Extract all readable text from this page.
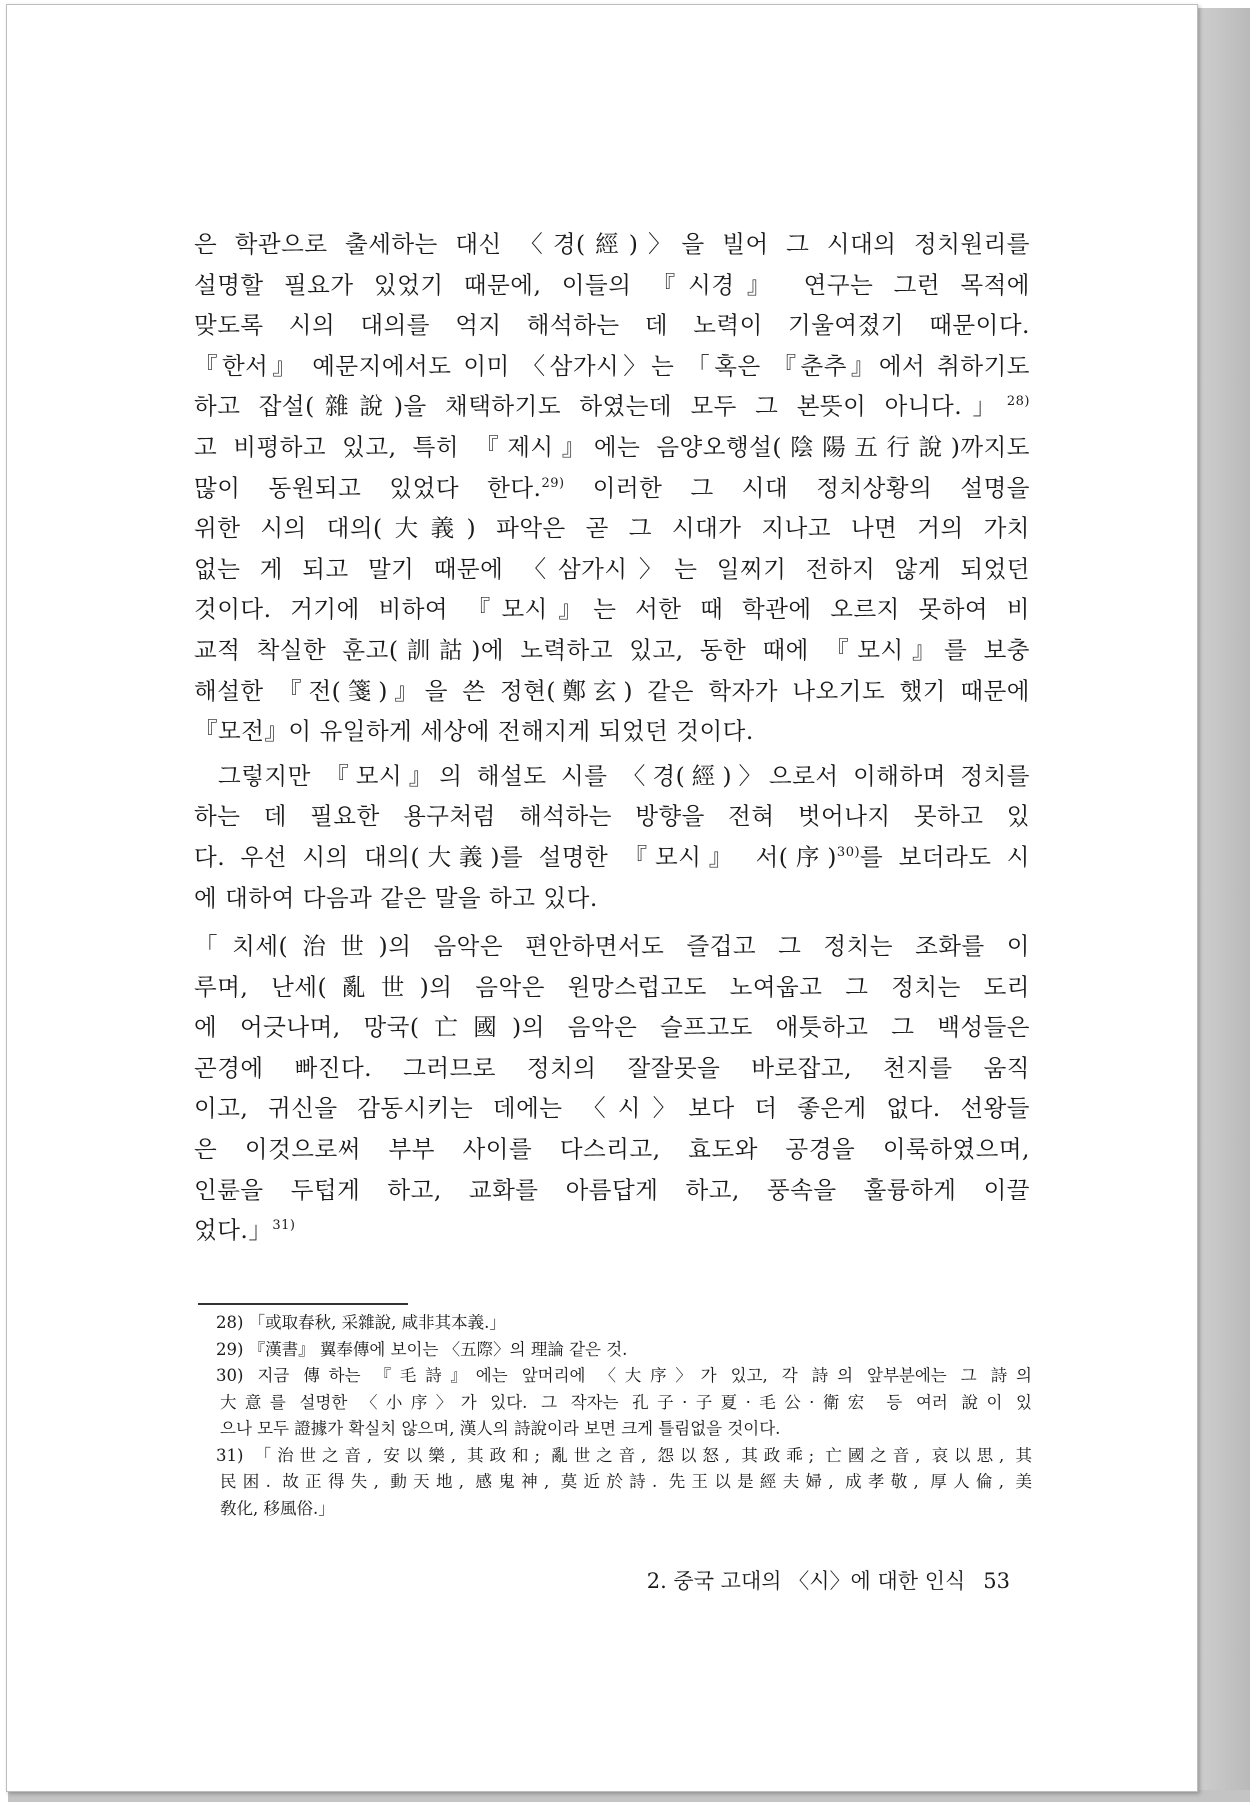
은 학관으로 출세하는 대신 〈경(經)〉을 빌어 그 시대의 정치원리를
설명할 필요가 있었기 때문에, 이들의 『시경』 연구는 그런 목적에
맞도록 시의 대의를 억지 해석하는 데 노력이 기울여졌기 때문이다.
『한서』 예문지에서도 이미 〈삼가시〉는 「혹은 『춘추』에서 취하기도
하고 잡설(雜說)을 채택하기도 하였는데 모두 그 본뜻이 아니다.」$^{28)}$
고 비평하고 있고, 특히 『제시』에는 음양오행설(陰陽五行說)까지도
많이 동원되고 있었다 한다.$^{29)}$ 이러한 그 시대 정치상황의 설명을
위한 시의 대의(大義) 파악은 곧 그 시대가 지나고 나면 거의 가치
없는 게 되고 말기 때문에 〈삼가시〉는 일찌기 전하지 않게 되었던
것이다. 거기에 비하여 『모시』는 서한 때 학관에 오르지 못하여 비
교적 착실한 훈고(訓詁)에 노력하고 있고, 동한 때에 『모시』를 보충
해설한 『전(箋)』을 쓴 정현(鄭玄) 같은 학자가 나오기도 했기 때문에
『모전』이 유일하게 세상에 전해지게 되었던 것이다.
그렇지만 『모시』의 해설도 시를 〈경(經)〉으로서 이해하며 정치를
하는 데 필요한 용구처럼 해석하는 방향을 전혀 벗어나지 못하고 있
다. 우선 시의 대의(大義)를 설명한 『모시』 서(序)$^{30)}$를 보더라도 시
에 대하여 다음과 같은 말을 하고 있다.
「치세(治世)의 음악은 편안하면서도 즐겁고 그 정치는 조화를 이
루며, 난세(亂世)의 음악은 원망스럽고도 노여웁고 그 정치는 도리
에 어긋나며, 망국(亡國)의 음악은 슬프고도 애틋하고 그 백성들은
곤경에 빠진다. 그러므로 정치의 잘잘못을 바로잡고, 천지를 움직
이고, 귀신을 감동시키는 데에는 〈시〉보다 더 좋은게 없다. 선왕들
은 이것으로써 부부 사이를 다스리고, 효도와 공경을 이룩하였으며,
인륜을 두텁게 하고, 교화를 아름답게 하고, 풍속을 훌륭하게 이끌
었다.」$^{31)}$
28) 「或取春秋, 采雜說, 咸非其本義.」
29) 『漢書』 翼奉傳에 보이는 〈五際〉의 理論 같은 것.
30) 지금 傳하는 『毛詩』에는 앞머리에 〈大序〉가 있고, 각 詩의 앞부분에는 그 詩의
大意를 설명한 〈小序〉가 있다. 그 작자는 孔子·子夏·毛公·衛宏 등 여러 說이 있
으나 모두 證據가 확실치 않으며, 漢人의 詩說이라 보면 크게 틀림없을 것이다.
31) 「治世之音, 安以樂, 其政和; 亂世之音, 怨以怒, 其政乖; 亡國之音, 哀以思, 其
民困. 故正得失, 動天地, 感鬼神, 莫近於詩. 先王以是經夫婦, 成孝敬, 厚人倫, 美
敎化, 移風俗.」
2. 중국 고대의 〈시〉에 대한 인식 53
